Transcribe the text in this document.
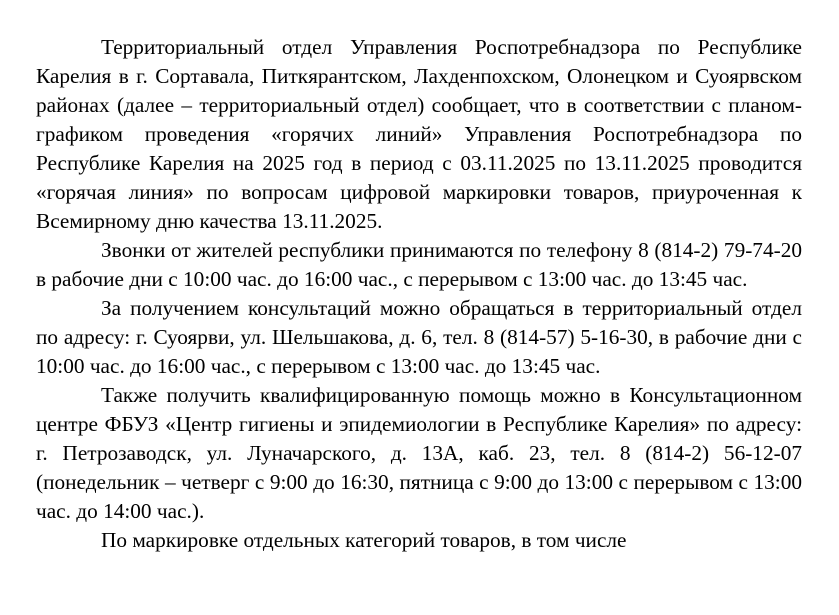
Территориальный отдел Управления Роспотребнадзора по Республике Карелия в г. Сортавала, Питкярантском, Лахденпохском, Олонецком и Суоярвском районах (далее – территориальный отдел) сообщает, что в соответствии с планом-графиком проведения «горячих линий» Управления Роспотребнадзора по Республике Карелия на 2025 год в период с 03.11.2025 по 13.11.2025 проводится «горячая линия» по вопросам цифровой маркировки товаров, приуроченная к Всемирному дню качества 13.11.2025.

Звонки от жителей республики принимаются по телефону 8 (814-2) 79-74-20 в рабочие дни с 10:00 час. до 16:00 час., с перерывом с 13:00 час. до 13:45 час.

За получением консультаций можно обращаться в территориальный отдел по адресу: г. Суоярви, ул. Шельшакова, д. 6, тел. 8 (814-57) 5-16-30, в рабочие дни с 10:00 час. до 16:00 час., с перерывом с 13:00 час. до 13:45 час.

Также получить квалифицированную помощь можно в Консультационном центре ФБУЗ «Центр гигиены и эпидемиологии в Республике Карелия» по адресу: г. Петрозаводск, ул. Луначарского, д. 13А, каб. 23, тел. 8 (814-2) 56-12-07 (понедельник – четверг с 9:00 до 16:30, пятница с 9:00 до 13:00 с перерывом с 13:00 час. до 14:00 час.).

По маркировке отдельных категорий товаров, в том числе
